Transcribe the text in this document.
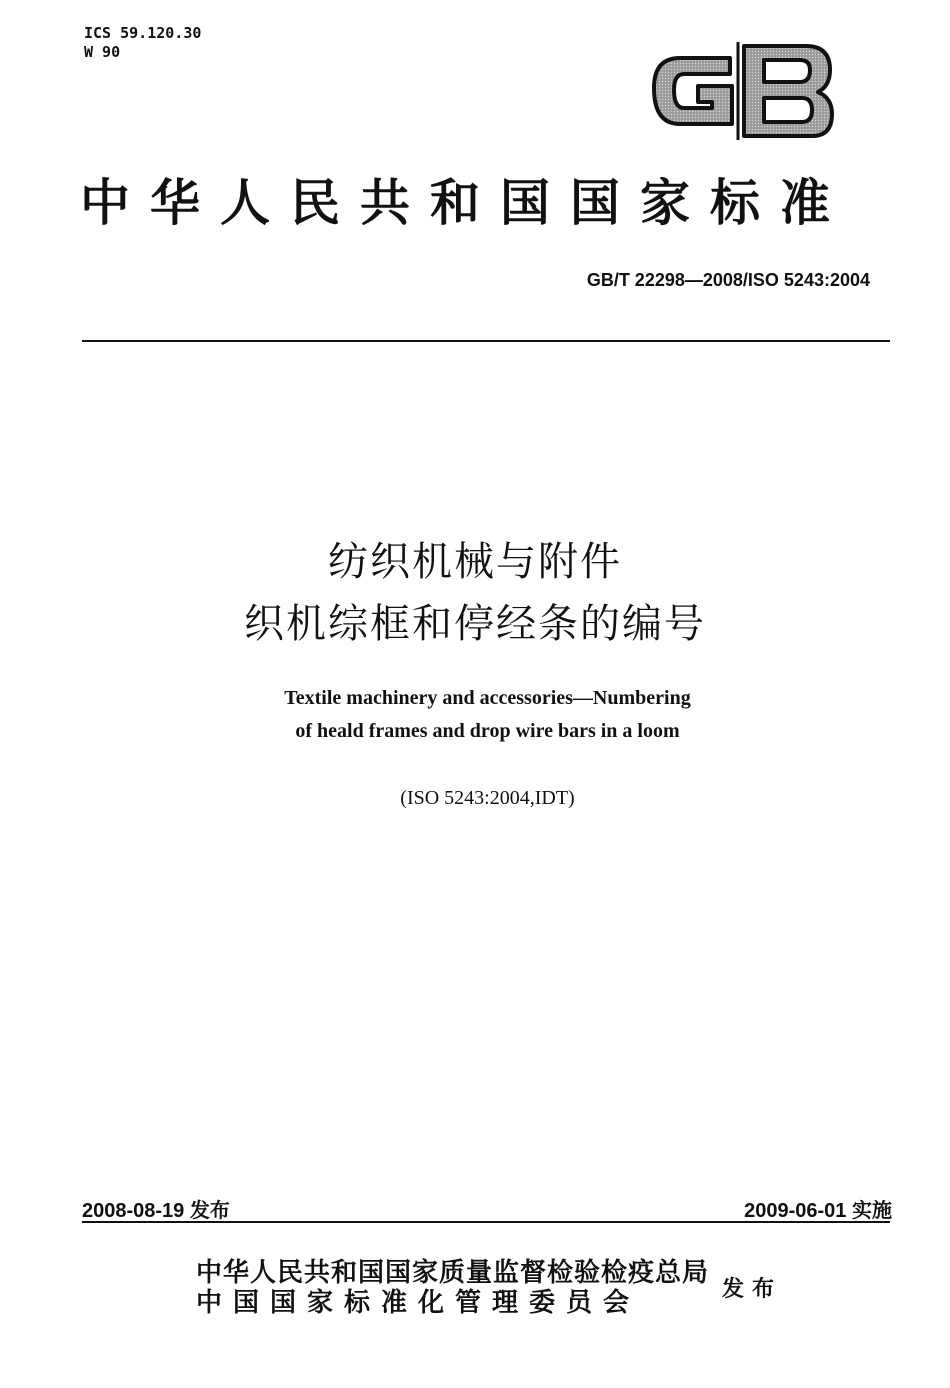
ICS 59.120.30
W 90
中华人民共和国国家标准
GB/T 22298—2008/ISO 5243:2004
纺织机械与附件
织机综框和停经条的编号
Textile machinery and accessories—Numbering
of heald frames and drop wire bars in a loom
(ISO 5243:2004,IDT)
2008-08-19 发布	2009-06-01 实施
中华人民共和国国家质量监督检验检疫总局
中国国家标准化管理委员会	发布
